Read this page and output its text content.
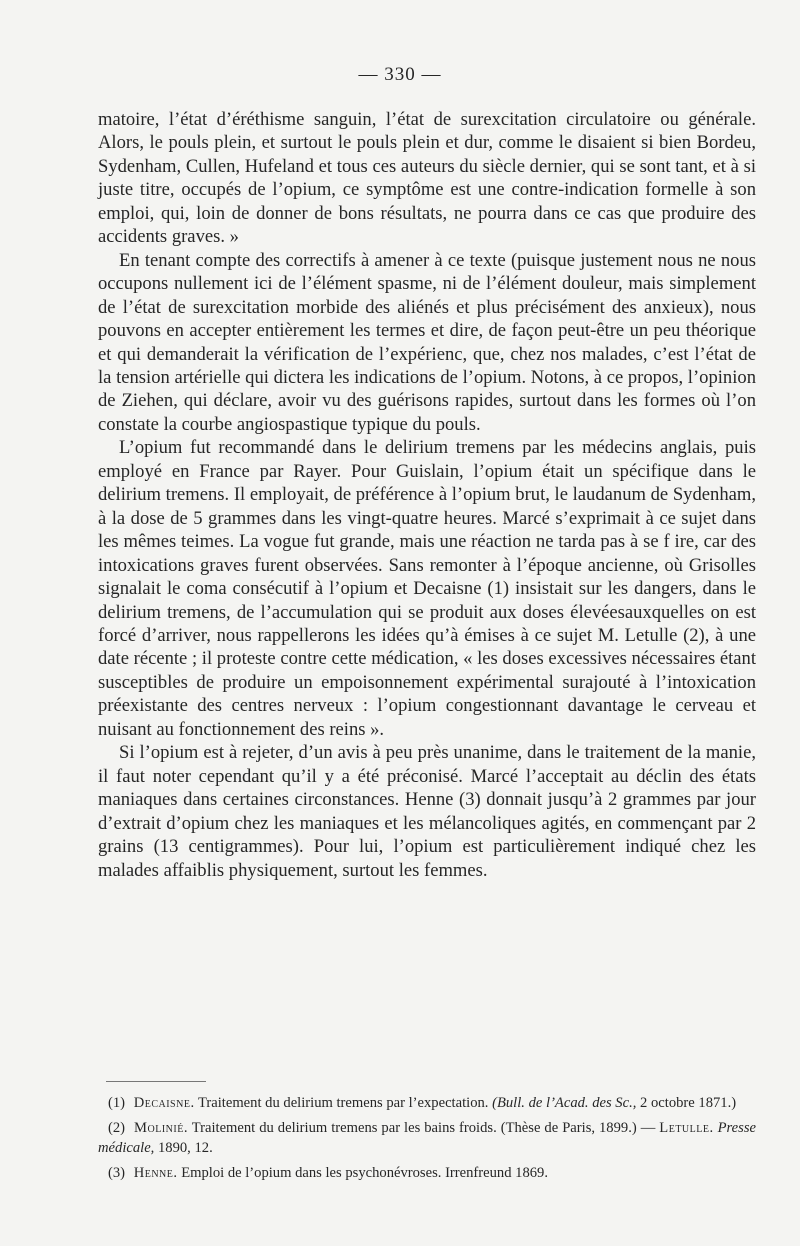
— 330 —

matoire, l’état d’éréthisme sanguin, l’état de surexcitation circulatoire ou générale. Alors, le pouls plein, et surtout le pouls plein et dur, comme le disaient si bien Bordeu, Sydenham, Cullen, Hufeland et tous ces auteurs du siècle dernier, qui se sont tant, et à si juste titre, occupés de l’opium, ce symptôme est une contre-indication formelle à son emploi, qui, loin de donner de bons résultats, ne pourra dans ce cas que produire des accidents graves. »

En tenant compte des correctifs à amener à ce texte (puisque justement nous ne nous occupons nullement ici de l’élément spasme, ni de l’élément douleur, mais simplement de l’état de surexcitation morbide des aliénés et plus précisément des anxieux), nous pouvons en accepter entièrement les termes et dire, de façon peut-être un peu théorique et qui demanderait la vérification de l’expérienc, que, chez nos malades, c’est l’état de la tension artérielle qui dictera les indications de l’opium. Notons, à ce propos, l’opinion de Ziehen, qui déclare, avoir vu des guérisons rapides, surtout dans les formes où l’on constate la courbe angiospastique typique du pouls.

L’opium fut recommandé dans le delirium tremens par les médecins anglais, puis employé en France par Rayer. Pour Guislain, l’opium était un spécifique dans le delirium tremens. Il employait, de préférence à l’opium brut, le laudanum de Sydenham, à la dose de 5 grammes dans les vingt-quatre heures. Marcé s’exprimait à ce sujet dans les mêmes teimes. La vogue fut grande, mais une réaction ne tarda pas à se f ire, car des intoxications graves furent observées. Sans remonter à l’époque ancienne, où Grisolles signalait le coma consécutif à l’opium et Decaisne (1) insistait sur les dangers, dans le delirium tremens, de l’accumulation qui se produit aux doses élevéesauxquelles on est forcé d’arriver, nous rappellerons les idées qu’à émises à ce sujet M. Letulle (2), à une date récente ; il proteste contre cette médication, « les doses excessives nécessaires étant susceptibles de produire un empoisonnement expérimental surajouté à l’intoxication préexistante des centres nerveux : l’opium congestionnant davantage le cerveau et nuisant au fonctionnement des reins ».

Si l’opium est à rejeter, d’un avis à peu près unanime, dans le traitement de la manie, il faut noter cependant qu’il y a été préconisé. Marcé l’acceptait au déclin des états maniaques dans certaines circonstances. Henne (3) donnait jusqu’à 2 grammes par jour d’extrait d’opium chez les maniaques et les mélancoliques agités, en commençant par 2 grains (13 centigrammes). Pour lui, l’opium est particulièrement indiqué chez les malades affaiblis physiquement, surtout les femmes.

(1) Decaisne. Traitement du delirium tremens par l’expectation. (Bull. de l’Acad. des Sc., 2 octobre 1871.)

(2) Molinié. Traitement du delirium tremens par les bains froids. (Thèse de Paris, 1899.) — Letulle. Presse médicale, 1890, 12.

(3) Henne. Emploi de l’opium dans les psychonévroses. Irrenfreund 1869.
